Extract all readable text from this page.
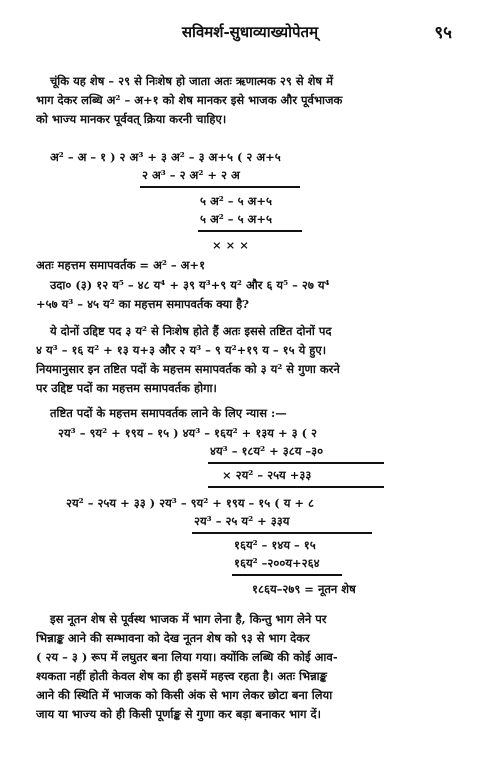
सविमर्श-सुधाव्याख्योपेतम्	९५

चूंकि यह शेष – २९ से निःशेष हो जाता अतः ऋणात्मक २९ से शेष में

भाग देकर लब्धि अ² – अ+१ को शेष मानकर इसे भाजक और पूर्वभाजक

को भाज्य मानकर पूर्ववत् क्रिया करनी चाहिए।

अ² – अ – १ ) २ अ³ + ३ अ² – ३ अ+५ ( २ अ+५
२ अ³ – २ अ² + २ अ
५ अ² – ५ अ+५
५ अ² – ५ अ+५
× × ×
अतः महत्तम समापवर्तक = अ² – अ+१

उदा० (३) १२ य⁵ – ४८ य⁴ + ३९ य³+९ य² और ६ य⁵ – २७ य⁴

+५७ य³ – ४५ य² का महत्तम समापवर्तक क्या है?

ये दोनों उद्दिष्ट पद ३ य² से निःशेष होते हैं अतः इससे तष्टित दोनों पद

४ य³ – १६ य² + १३ य+३ और २ य³ – ९ य²+१९ य – १५ ये हुए।

नियमानुसार इन तष्टित पदों के महत्तम समापवर्तक को ३ य² से गुणा करने

पर उद्दिष्ट पदों का महत्तम समापवर्तक होगा।

तष्टित पदों के महत्तम समापवर्तक लाने के लिए न्यास :—
२य³ – ९य² + १९य – १५ ) ४य³ – १६य² + १३य + ३ ( २
४य³ – १८य² + ३८य –३०
× २य² – २५य +३३
२य² – २५य + ३३ ) २य³ – ९य² + १९य – १५ ( य + ८
२य³ – २५ य² + ३३य
१६य² – १४य – १५
१६य² –२००य+२६४
१८६य–२७९ = नूतन शेष

इस नूतन शेष से पूर्वस्थ भाजक में भाग लेना है, किन्तु भाग लेने पर

भिन्नाङ्क आने की सम्भावना को देख नूतन शेष को ९३ से भाग देकर

( २य – ३ ) रूप में लघुतर बना लिया गया। क्योंकि लब्धि की कोई आव-

श्यकता नहीं होती केवल शेष का ही इसमें महत्त्व रहता है। अतः भिन्नाङ्क

आने की स्थिति में भाजक को किसी अंक से भाग लेकर छोटा बना लिया

जाय या भाज्य को ही किसी पूर्णाङ्क से गुणा कर बड़ा बनाकर भाग दें।
